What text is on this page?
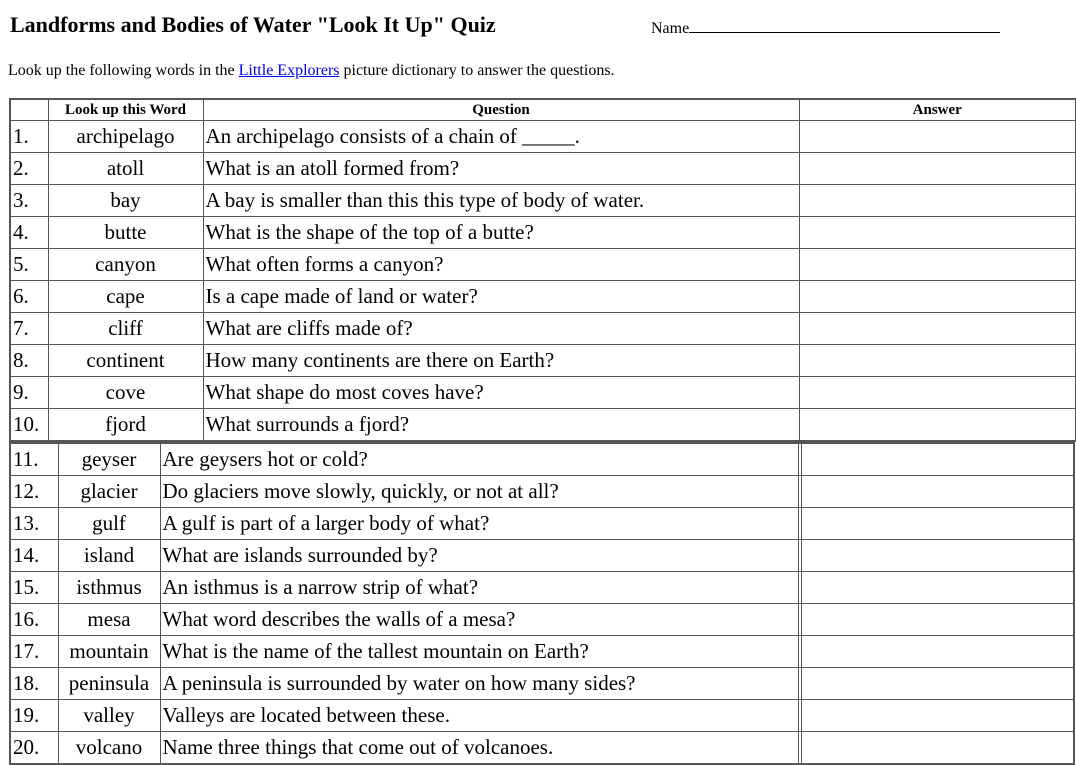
Landforms and Bodies of Water "Look It Up" Quiz	Name
Look up the following words in the Little Explorers picture dictionary to answer the questions.
	Look up this Word	Question	Answer
1.	archipelago	An archipelago consists of a chain of _____.	
2.	atoll	What is an atoll formed from?	
3.	bay	A bay is smaller than this this type of body of water.	
4.	butte	What is the shape of the top of a butte?	
5.	canyon	What often forms a canyon?	
6.	cape	Is a cape made of land or water?	
7.	cliff	What are cliffs made of?	
8.	continent	How many continents are there on Earth?	
9.	cove	What shape do most coves have?	
10.	fjord	What surrounds a fjord?	
11.	geyser	Are geysers hot or cold?
12.	glacier	Do glaciers move slowly, quickly, or not at all?
13.	gulf	A gulf is part of a larger body of what?
14.	island	What are islands surrounded by?
15.	isthmus	An isthmus is a narrow strip of what?
16.	mesa	What word describes the walls of a mesa?
17.	mountain	What is the name of the tallest mountain on Earth?
18.	peninsula	A peninsula is surrounded by water on how many sides?
19.	valley	Valleys are located between these.
20.	volcano	Name three things that come out of volcanoes.
